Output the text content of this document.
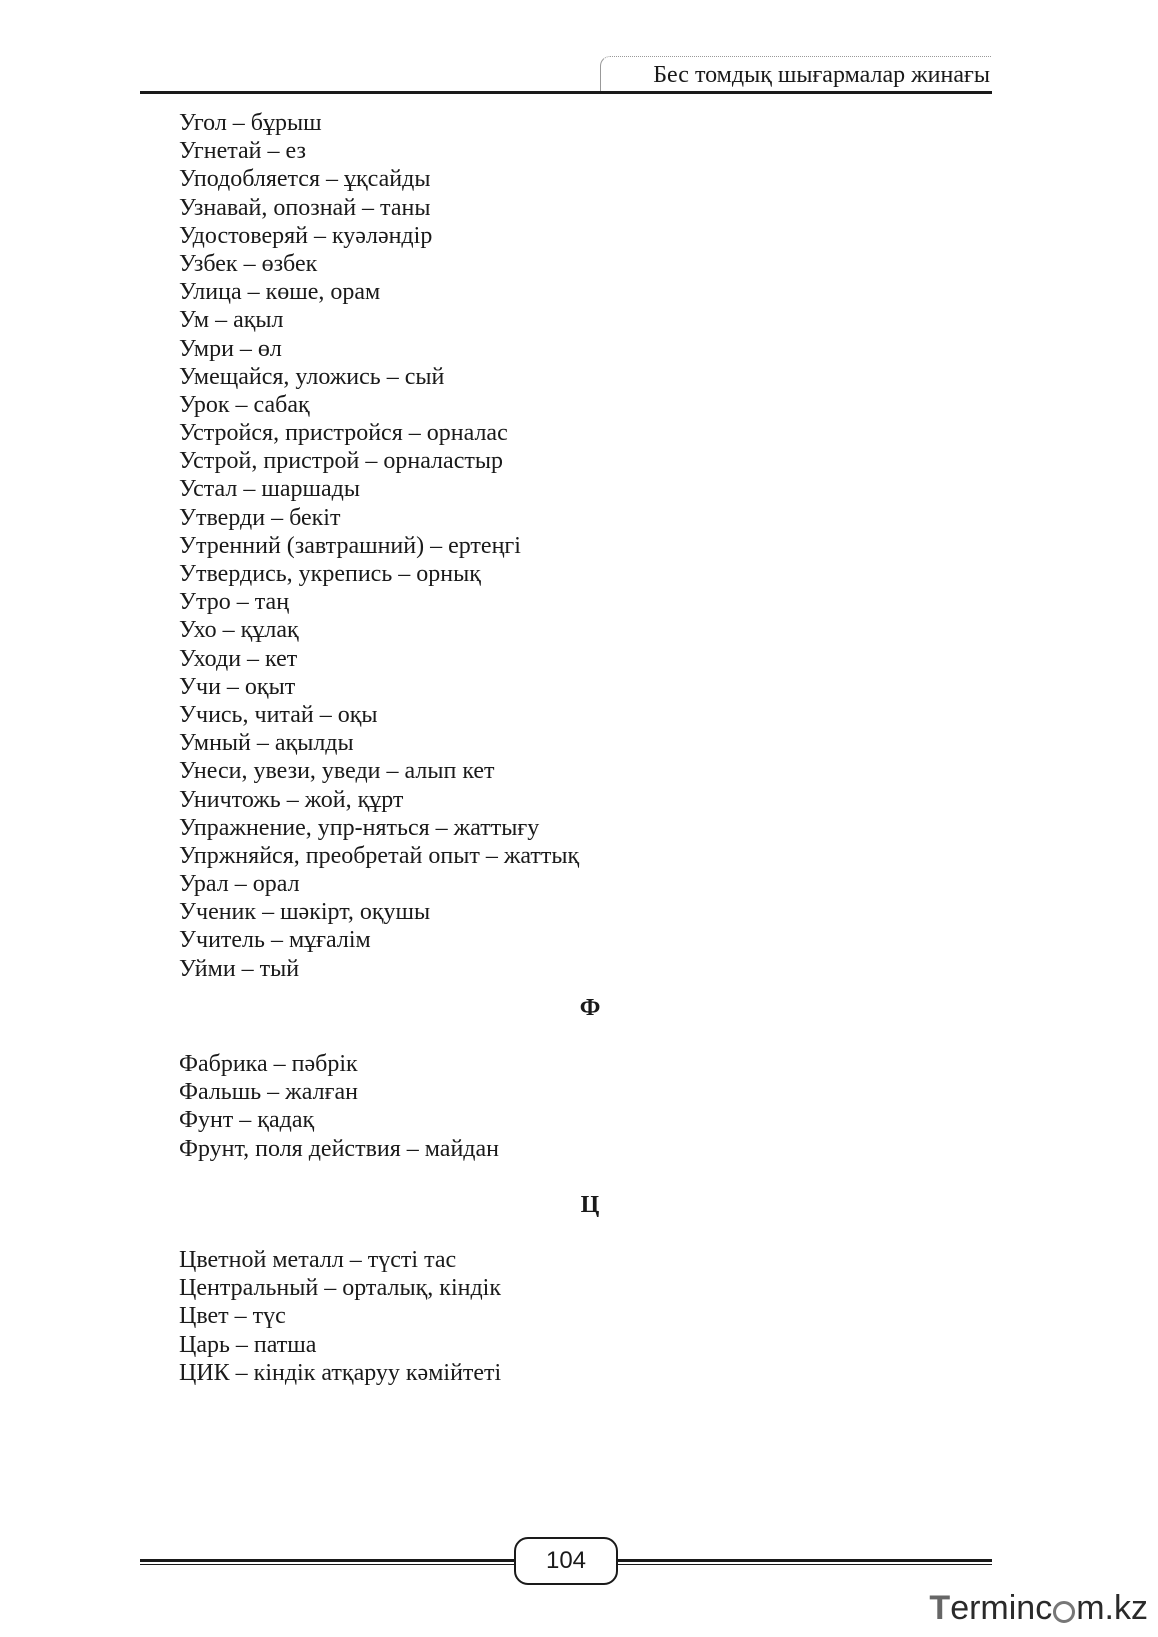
Бес томдық шығармалар жинағы
Угол – бұрыш
Угнетай – ез
Уподобляется – ұқсайды
Узнавай, опознай – таны
Удостоверяй – куәләндір
Узбек – өзбек
Улица – көше, орам
Ум – ақыл
Умри – өл
Умещайся, уложись – сый
Урок – сабақ
Устройся, пристройся – орналас
Устрой, пристрой – орналастыр
Устал – шаршады
Утверди – бекіт
Утренний (завтрашний) – ертеңгі
Утвердись, укрепись – орнық
Утро – таң
Ухо – құлақ
Уходи – кет
Учи – оқыт
Учись, читай – оқы
Умный – ақылды
Унеси, увези, уведи – алып кет
Уничтожь – жой, құрт
Упражнение, упр-няться – жаттығу
Упржняйся, преобретай опыт – жаттық
Урал – орал
Ученик – шәкірт, оқушы
Учитель – мұғалім
Уйми – тый
Ф
Фабрика – пәбрік
Фальшь – жалған
Фунт – қадақ
Фрунт, поля действия – майдан
Ц
Цветной металл – түсті тас
Центральный – орталық, кіндік
Цвет – түс
Царь – патша
ЦИК – кіндік атқаруу кәмійтеті
104
Terminc m.kz
